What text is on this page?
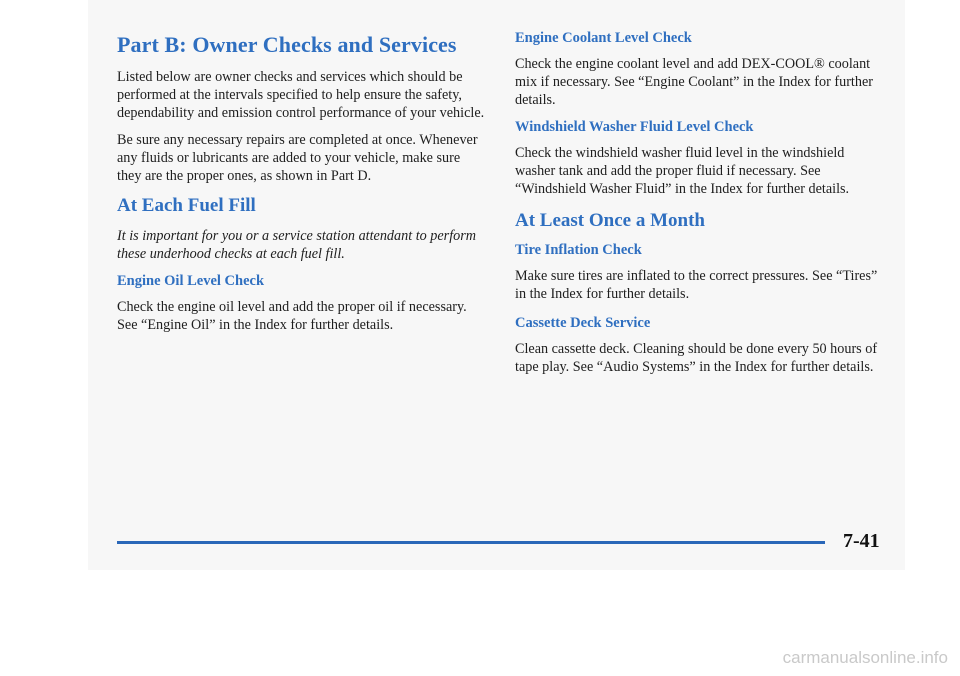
Part B: Owner Checks and Services

Listed below are owner checks and services which should be performed at the intervals specified to help ensure the safety, dependability and emission control performance of your vehicle.

Be sure any necessary repairs are completed at once. Whenever any fluids or lubricants are added to your vehicle, make sure they are the proper ones, as shown in Part D.

At Each Fuel Fill

It is important for you or a service station attendant to perform these underhood checks at each fuel fill.

Engine Oil Level Check

Check the engine oil level and add the proper oil if necessary. See “Engine Oil” in the Index for further details.

Engine Coolant Level Check

Check the engine coolant level and add DEX-COOL® coolant mix if necessary. See “Engine Coolant” in the Index for further details.

Windshield Washer Fluid Level Check

Check the windshield washer fluid level in the windshield washer tank and add the proper fluid if necessary. See “Windshield Washer Fluid” in the Index for further details.

At Least Once a Month
Tire Inflation Check

Make sure tires are inflated to the correct pressures. See “Tires” in the Index for further details.

Cassette Deck Service

Clean cassette deck. Cleaning should be done every 50 hours of tape play. See “Audio Systems” in the Index for further details.

7-41
carmanualsonline.info
